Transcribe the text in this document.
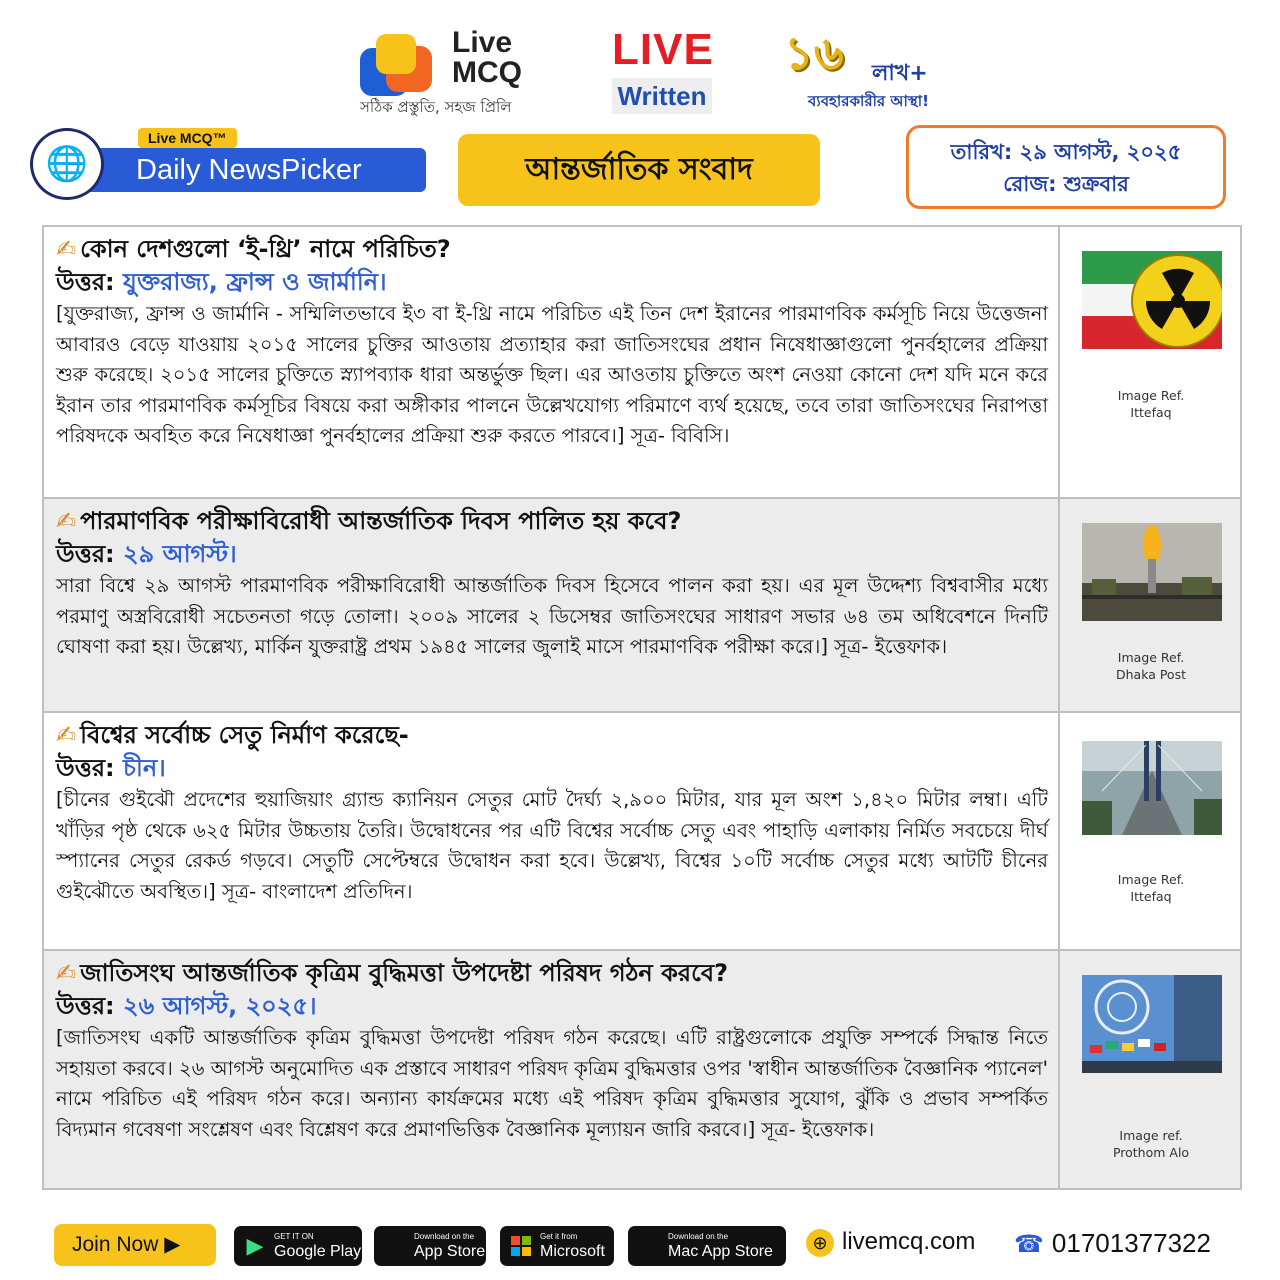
Live
MCQ
সঠিক প্রস্তুতি, সহজ প্রিলি
LIVE
Written
১৬ লাখ+
ব্যবহারকারীর আস্থা!
Daily NewsPicker
Live MCQ™
🌐	আন্তর্জাতিক সংবাদ	তারিখ: ২৯ আগস্ট, ২০২৫
রোজ: শুক্রবার
✍ কোন দেশগুলো ‘ই-থ্রি’ নামে পরিচিত?
উত্তর: যুক্তরাজ্য, ফ্রান্স ও জার্মানি।
[যুক্তরাজ্য, ফ্রান্স ও জার্মানি - সম্মিলিতভাবে ই৩ বা ই-থ্রি নামে পরিচিত এই তিন দেশ ইরানের পারমাণবিক কর্মসূচি নিয়ে উত্তেজনা আবারও বেড়ে যাওয়ায় ২০১৫ সালের চুক্তির আওতায় প্রত্যাহার করা জাতিসংঘের প্রধান নিষেধাজ্ঞাগুলো পুনর্বহালের প্রক্রিয়া শুরু করেছে। ২০১৫ সালের চুক্তিতে স্ন্যাপব্যাক ধারা অন্তর্ভুক্ত ছিল। এর আওতায় চুক্তিতে অংশ নেওয়া কোনো দেশ যদি মনে করে ইরান তার পারমাণবিক কর্মসূচির বিষয়ে করা অঙ্গীকার পালনে উল্লেখযোগ্য পরিমাণে ব্যর্থ হয়েছে, তবে তারা জাতিসংঘের নিরাপত্তা পরিষদকে অবহিত করে নিষেধাজ্ঞা পুনর্বহালের প্রক্রিয়া শুরু করতে পারবে।] সূত্র- বিবিসি।
Image Ref.
Ittefaq
✍ পারমাণবিক পরীক্ষাবিরোধী আন্তর্জাতিক দিবস পালিত হয় কবে?
উত্তর: ২৯ আগস্ট।
সারা বিশ্বে ২৯ আগস্ট পারমাণবিক পরীক্ষাবিরোধী আন্তর্জাতিক দিবস হিসেবে পালন করা হয়। এর মূল উদ্দেশ্য বিশ্ববাসীর মধ্যে পরমাণু অস্ত্রবিরোধী সচেতনতা গড়ে তোলা। ২০০৯ সালের ২ ডিসেম্বর জাতিসংঘের সাধারণ সভার ৬৪ তম অধিবেশনে দিনটি ঘোষণা করা হয়। উল্লেখ্য, মার্কিন যুক্তরাষ্ট্র প্রথম ১৯৪৫ সালের জুলাই মাসে পারমাণবিক পরীক্ষা করে।] সূত্র- ইত্তেফাক।	Image Ref.
Dhaka Post
✍ বিশ্বের সর্বোচ্চ সেতু নির্মাণ করেছে-
উত্তর: চীন।
[চীনের গুইঝৌ প্রদেশের হুয়াজিয়াং গ্র্যান্ড ক্যানিয়ন সেতুর মোট দৈর্ঘ্য ২,৯০০ মিটার, যার মূল অংশ ১,৪২০ মিটার লম্বা। এটি খাঁড়ির পৃষ্ঠ থেকে ৬২৫ মিটার উচ্চতায় তৈরি। উদ্বোধনের পর এটি বিশ্বের সর্বোচ্চ সেতু এবং পাহাড়ি এলাকায় নির্মিত সবচেয়ে দীর্ঘ স্প্যানের সেতুর রেকর্ড গড়বে। সেতুটি সেপ্টেম্বরে উদ্বোধন করা হবে। উল্লেখ্য, বিশ্বের ১০টি সর্বোচ্চ সেতুর মধ্যে আটটি চীনের গুইঝৌতে অবস্থিত।] সূত্র- বাংলাদেশ প্রতিদিন।
Image Ref.
Ittefaq
✍ জাতিসংঘ আন্তর্জাতিক কৃত্রিম বুদ্ধিমত্তা উপদেষ্টা পরিষদ গঠন করবে?
উত্তর: ২৬ আগস্ট, ২০২৫।
[জাতিসংঘ একটি আন্তর্জাতিক কৃত্রিম বুদ্ধিমত্তা উপদেষ্টা পরিষদ গঠন করেছে। এটি রাষ্ট্রগুলোকে প্রযুক্তি সম্পর্কে সিদ্ধান্ত নিতে সহায়তা করবে। ২৬ আগস্ট অনুমোদিত এক প্রস্তাবে সাধারণ পরিষদ কৃত্রিম বুদ্ধিমত্তার ওপর 'স্বাধীন আন্তর্জাতিক বৈজ্ঞানিক প্যানেল' নামে পরিচিত এই পরিষদ গঠন করে। অন্যান্য কার্যক্রমের মধ্যে এই পরিষদ কৃত্রিম বুদ্ধিমত্তার সুযোগ, ঝুঁকি ও প্রভাব সম্পর্কিত বিদ্যমান গবেষণা সংশ্লেষণ এবং বিশ্লেষণ করে প্রমাণভিত্তিক বৈজ্ঞানিক মূল্যায়ন জারি করবে।] সূত্র- ইত্তেফাক।	Image ref.
Prothom Alo
Join Now ▶	▶	GET IT ON
Google Play
Download on the
App Store
Get it from
Microsoft
Download on the
Mac App Store	⊕ livemcq.com ☎ 01701377322
